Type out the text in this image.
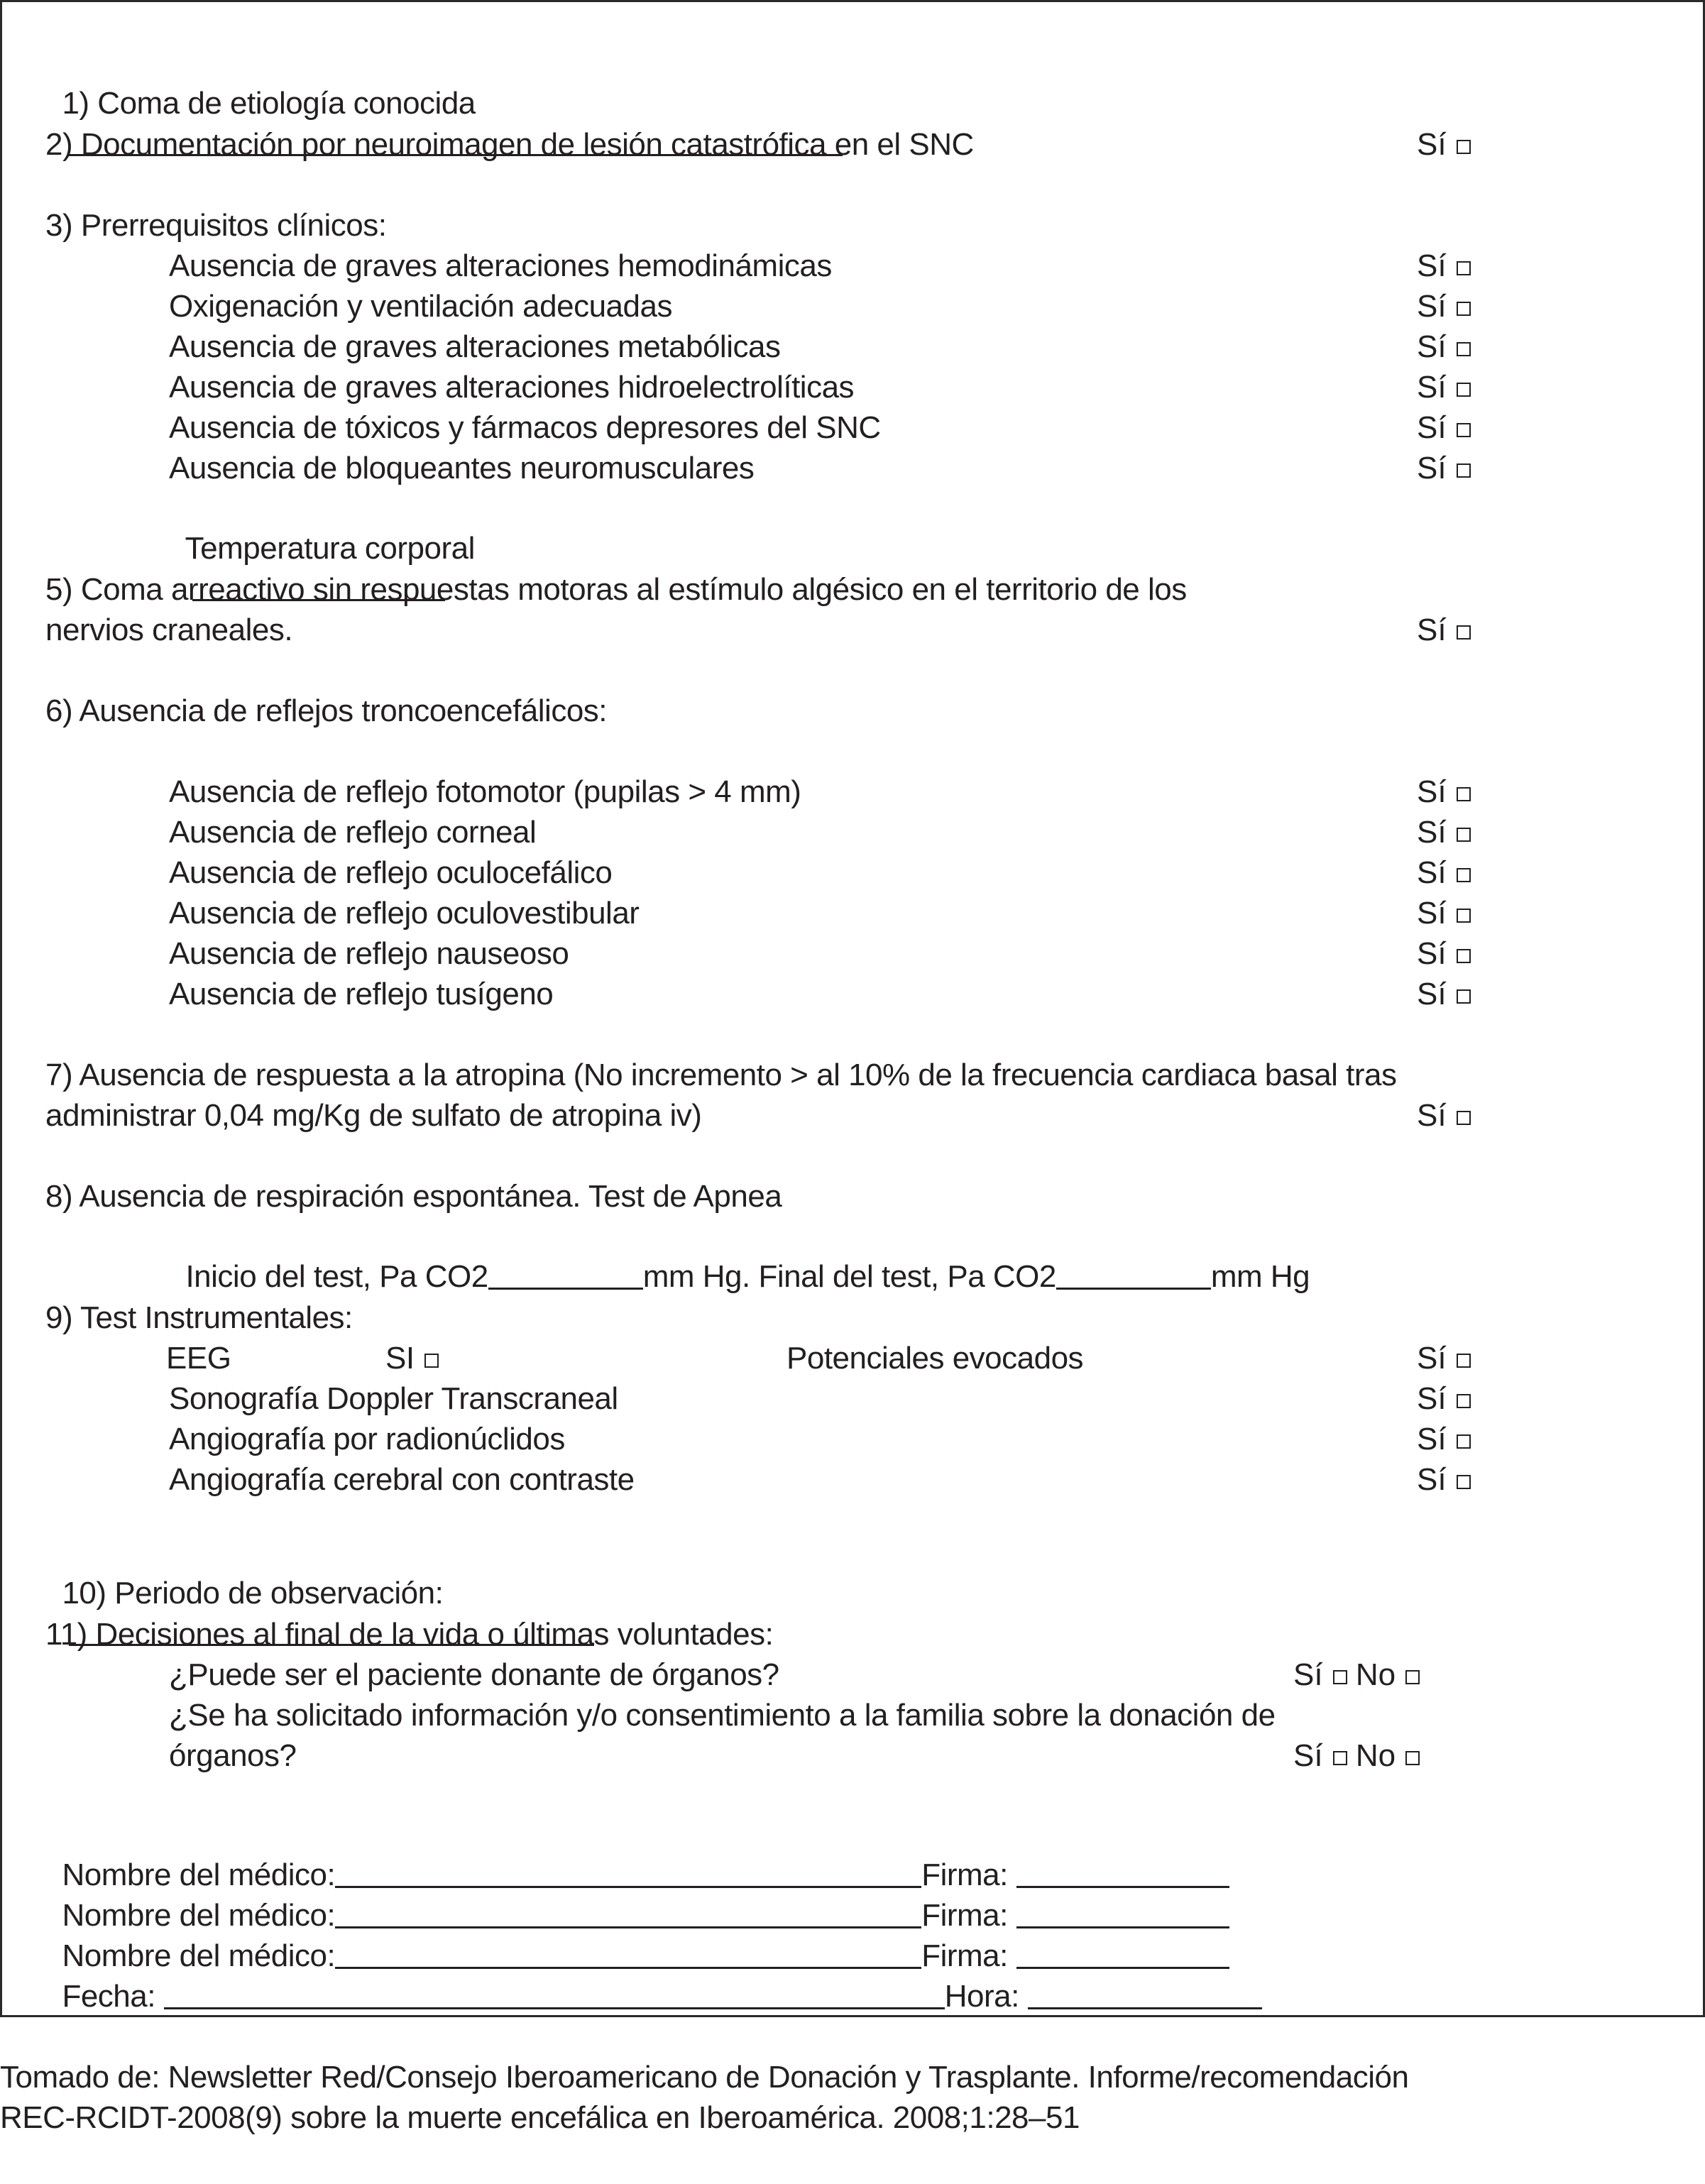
1) Coma de etiología conocida

2) Documentación por neuroimagen de lesión catastrófica en el SNC	Sí
3) Prerrequisitos clínicos:
Ausencia de graves alteraciones hemodinámicas	Sí
Oxigenación y ventilación adecuadas	Sí
Ausencia de graves alteraciones metabólicas	Sí
Ausencia de graves alteraciones hidroelectrolíticas	Sí
Ausencia de tóxicos y fármacos depresores del SNC	Sí
Ausencia de bloqueantes neuromusculares	Sí

Temperatura corporal

5) Coma arreactivo sin respuestas motoras al estímulo algésico en el territorio de los
nervios craneales.	Sí
6) Ausencia de reflejos troncoencefálicos:
Ausencia de reflejo fotomotor (pupilas > 4 mm)	Sí
Ausencia de reflejo corneal	Sí
Ausencia de reflejo oculocefálico	Sí
Ausencia de reflejo oculovestibular	Sí
Ausencia de reflejo nauseoso	Sí
Ausencia de reflejo tusígeno	Sí
7) Ausencia de respuesta a la atropina (No incremento > al 10% de la frecuencia cardiaca basal tras
administrar 0,04 mg/Kg de sulfato de atropina iv)	Sí
8) Ausencia de respiración espontánea. Test de Apnea

Inicio del test, Pa CO2	mm Hg. Final del test, Pa CO2	mm Hg

9) Test Instrumentales:
EEG	SI	Potenciales evocados	Sí
Sonografía Doppler Transcraneal	Sí
Angiografía por radionúclidos	Sí
Angiografía cerebral con contraste	Sí

10) Periodo de observación:

11) Decisiones al final de la vida o últimas voluntades:
¿Puede ser el paciente donante de órganos?	Sí No
¿Se ha solicitado información y/o consentimiento a la familia sobre la donación de
órganos?	Sí No

Nombre del médico:	Firma:

Nombre del médico:	Firma:

Nombre del médico:	Firma:

Fecha:	Hora:

Tomado de: Newsletter Red/Consejo Iberoamericano de Donación y Trasplante. Informe/recomendación
REC-RCIDT-2008(9) sobre la muerte encefálica en Iberoamérica. 2008;1:28–51
